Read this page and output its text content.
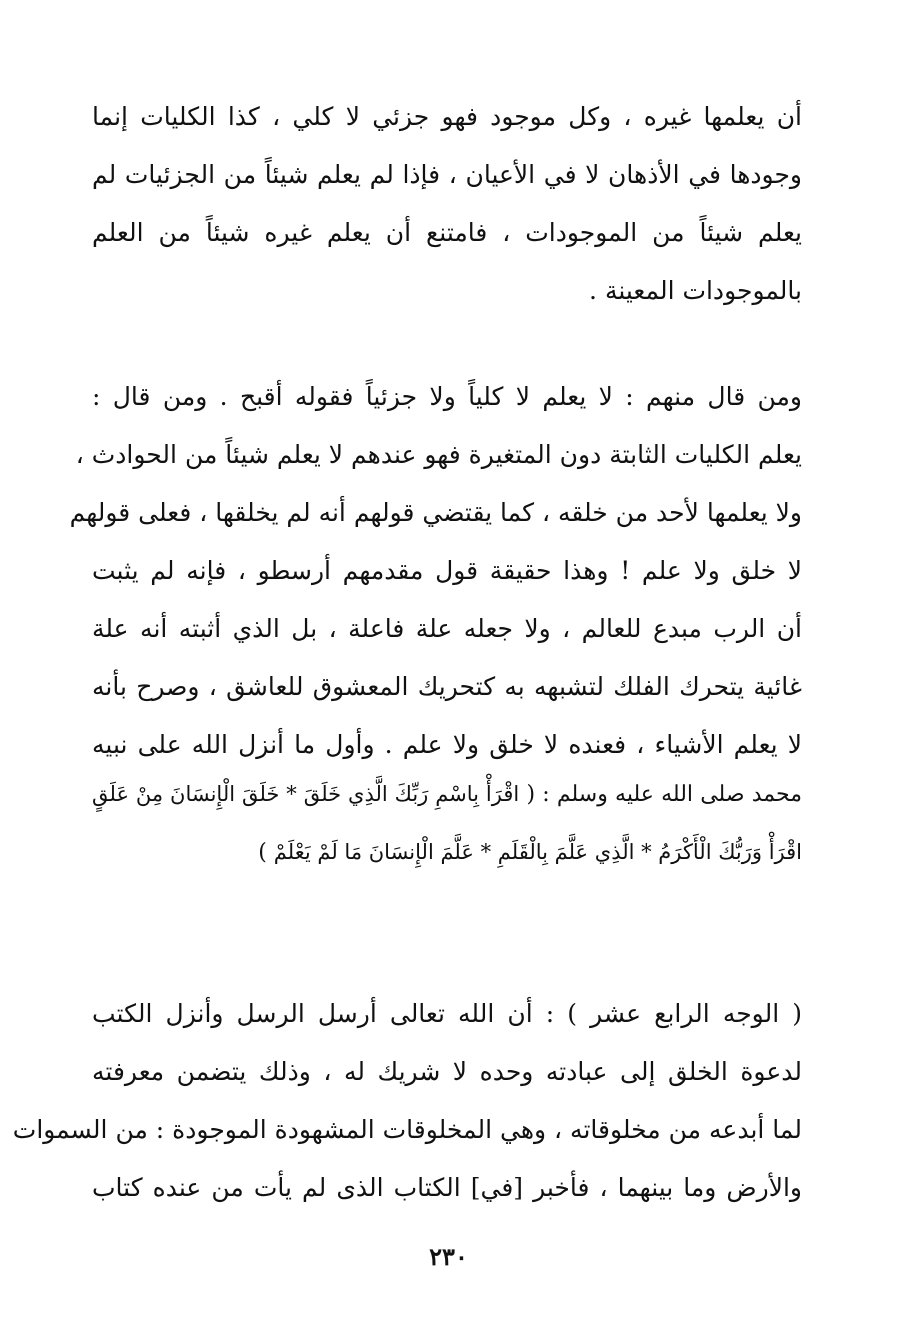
أن يعلمها غيره ، وكل موجود فهو جزئي لا كلي ، كذا الكليات إنما
وجودها في الأذهان لا في الأعيان ، فإذا لم يعلم شيئاً من الجزئيات لم
يعلم شيئاً من الموجودات ، فامتنع أن يعلم غيره شيئاً من العلم
بالموجودات المعينة .
ومن قال منهم : لا يعلم لا كلياً ولا جزئياً فقوله أقبح . ومن قال :
يعلم الكليات الثابتة دون المتغيرة فهو عندهم لا يعلم شيئاً من الحوادث ،
ولا يعلمها لأحد من خلقه ، كما يقتضي قولهم أنه لم يخلقها ، فعلى قولهم
لا خلق ولا علم ! وهذا حقيقة قول مقدمهم أرسطو ، فإنه لم يثبت
أن الرب مبدع للعالم ، ولا جعله علة فاعلة ، بل الذي أثبته أنه علة
غائية يتحرك الفلك لتشبهه به كتحريك المعشوق للعاشق ، وصرح بأنه
لا يعلم الأشياء ، فعنده لا خلق ولا علم . وأول ما أنزل الله على نبيه
محمد صلى الله عليه وسلم : ( اقْرَأْ بِاسْمِ رَبِّكَ الَّذِي خَلَقَ * خَلَقَ الْإِنسَانَ مِنْ عَلَقٍ
اقْرَأْ وَرَبُّكَ الْأَكْرَمُ * الَّذِي عَلَّمَ بِالْقَلَمِ * عَلَّمَ الْإِنسَانَ مَا لَمْ يَعْلَمْ )
( الوجه الرابع عشر ) : أن الله تعالى أرسل الرسل وأنزل الكتب
لدعوة الخلق إلى عبادته وحده لا شريك له ، وذلك يتضمن معرفته
لما أبدعه من مخلوقاته ، وهي المخلوقات المشهودة الموجودة : من السموات
والأرض وما بينهما ، فأخبر [في] الكتاب الذى لم يأت من عنده كتاب
٢٣٠
